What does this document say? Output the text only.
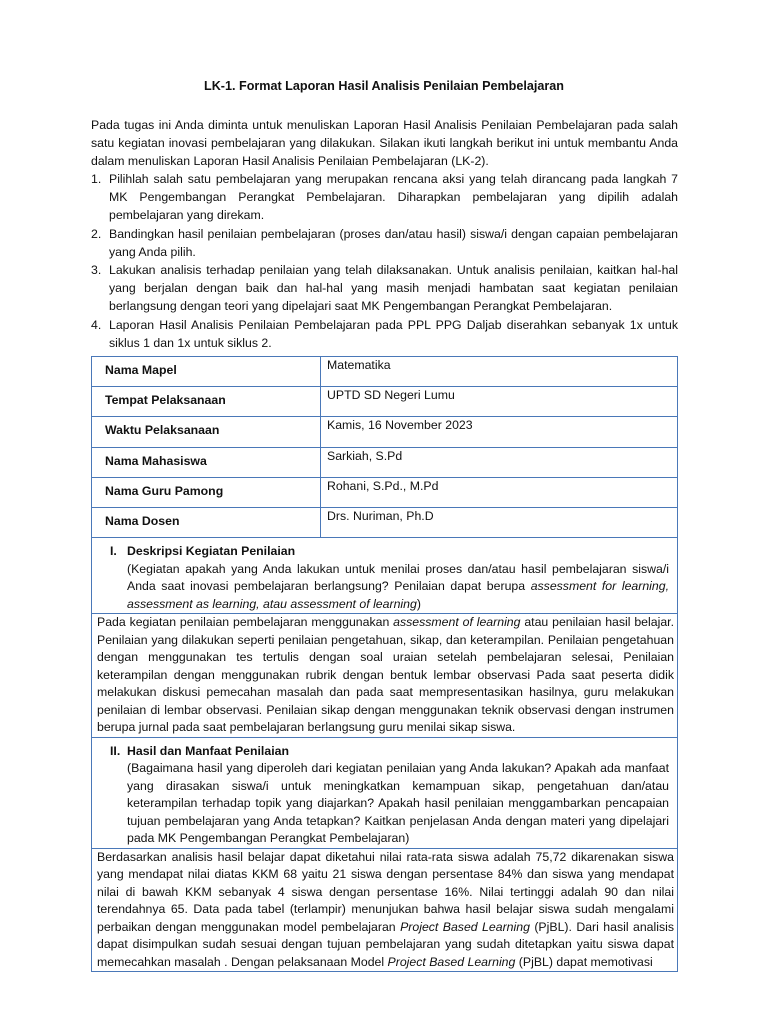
LK-1. Format Laporan Hasil Analisis Penilaian Pembelajaran
Pada tugas ini Anda diminta untuk menuliskan Laporan Hasil Analisis Penilaian Pembelajaran pada salah satu kegiatan inovasi pembelajaran yang dilakukan. Silakan ikuti langkah berikut ini untuk membantu Anda dalam menuliskan Laporan Hasil Analisis Penilaian Pembelajaran (LK-2).
1. Pilihlah salah satu pembelajaran yang merupakan rencana aksi yang telah dirancang pada langkah 7 MK Pengembangan Perangkat Pembelajaran. Diharapkan pembelajaran yang dipilih adalah pembelajaran yang direkam.
2. Bandingkan hasil penilaian pembelajaran (proses dan/atau hasil) siswa/i dengan capaian pembelajaran yang Anda pilih.
3. Lakukan analisis terhadap penilaian yang telah dilaksanakan. Untuk analisis penilaian, kaitkan hal-hal yang berjalan dengan baik dan hal-hal yang masih menjadi hambatan saat kegiatan penilaian berlangsung dengan teori yang dipelajari saat MK Pengembangan Perangkat Pembelajaran.
4. Laporan Hasil Analisis Penilaian Pembelajaran pada PPL PPG Daljab diserahkan sebanyak 1x untuk siklus 1 dan 1x untuk siklus 2.
Nama Mapel	Matematika
Tempat Pelaksanaan	UPTD SD Negeri Lumu
Waktu Pelaksanaan	Kamis, 16 November 2023
Nama Mahasiswa	Sarkiah, S.Pd
Nama Guru Pamong	Rohani, S.Pd., M.Pd
Nama Dosen	Drs. Nuriman, Ph.D

I. Deskripsi Kegiatan Penilaian
(Kegiatan apakah yang Anda lakukan untuk menilai proses dan/atau hasil pembelajaran siswa/i Anda saat inovasi pembelajaran berlangsung? Penilaian dapat berupa assessment for learning, assessment as learning, atau assessment of learning)	

Pada kegiatan penilaian pembelajaran menggunakan assessment of learning atau penilaian hasil belajar. Penilaian yang dilakukan seperti penilaian pengetahuan, sikap, dan keterampilan. Penilaian pengetahuan dengan menggunakan tes tertulis dengan soal uraian setelah pembelajaran selesai, Penilaian keterampilan dengan menggunakan rubrik dengan bentuk lembar observasi Pada saat peserta didik melakukan diskusi pemecahan masalah dan pada saat mempresentasikan hasilnya, guru melakukan penilaian di lembar observasi. Penilaian sikap dengan menggunakan teknik observasi dengan instrumen berupa jurnal pada saat pembelajaran berlangsung guru menilai sikap siswa.	

II. Hasil dan Manfaat Penilaian
(Bagaimana hasil yang diperoleh dari kegiatan penilaian yang Anda lakukan? Apakah ada manfaat yang dirasakan siswa/i untuk meningkatkan kemampuan sikap, pengetahuan dan/atau keterampilan terhadap topik yang diajarkan? Apakah hasil penilaian menggambarkan pencapaian tujuan pembelajaran yang Anda tetapkan? Kaitkan penjelasan Anda dengan materi yang dipelajari pada MK Pengembangan Perangkat Pembelajaran)	

Berdasarkan analisis hasil belajar dapat diketahui nilai rata-rata siswa adalah 75,72 dikarenakan siswa yang mendapat nilai diatas KKM 68 yaitu 21 siswa dengan persentase 84% dan siswa yang mendapat nilai di bawah KKM sebanyak 4 siswa dengan persentase 16%. Nilai tertinggi adalah 90 dan nilai terendahnya 65. Data pada tabel (terlampir) menunjukan bahwa hasil belajar siswa sudah mengalami perbaikan dengan menggunakan model pembelajaran Project Based Learning (PjBL). Dari hasil analisis dapat disimpulkan sudah sesuai dengan tujuan pembelajaran yang sudah ditetapkan yaitu siswa dapat memecahkan masalah . Dengan pelaksanaan Model Project Based Learning (PjBL) dapat memotivasi	
